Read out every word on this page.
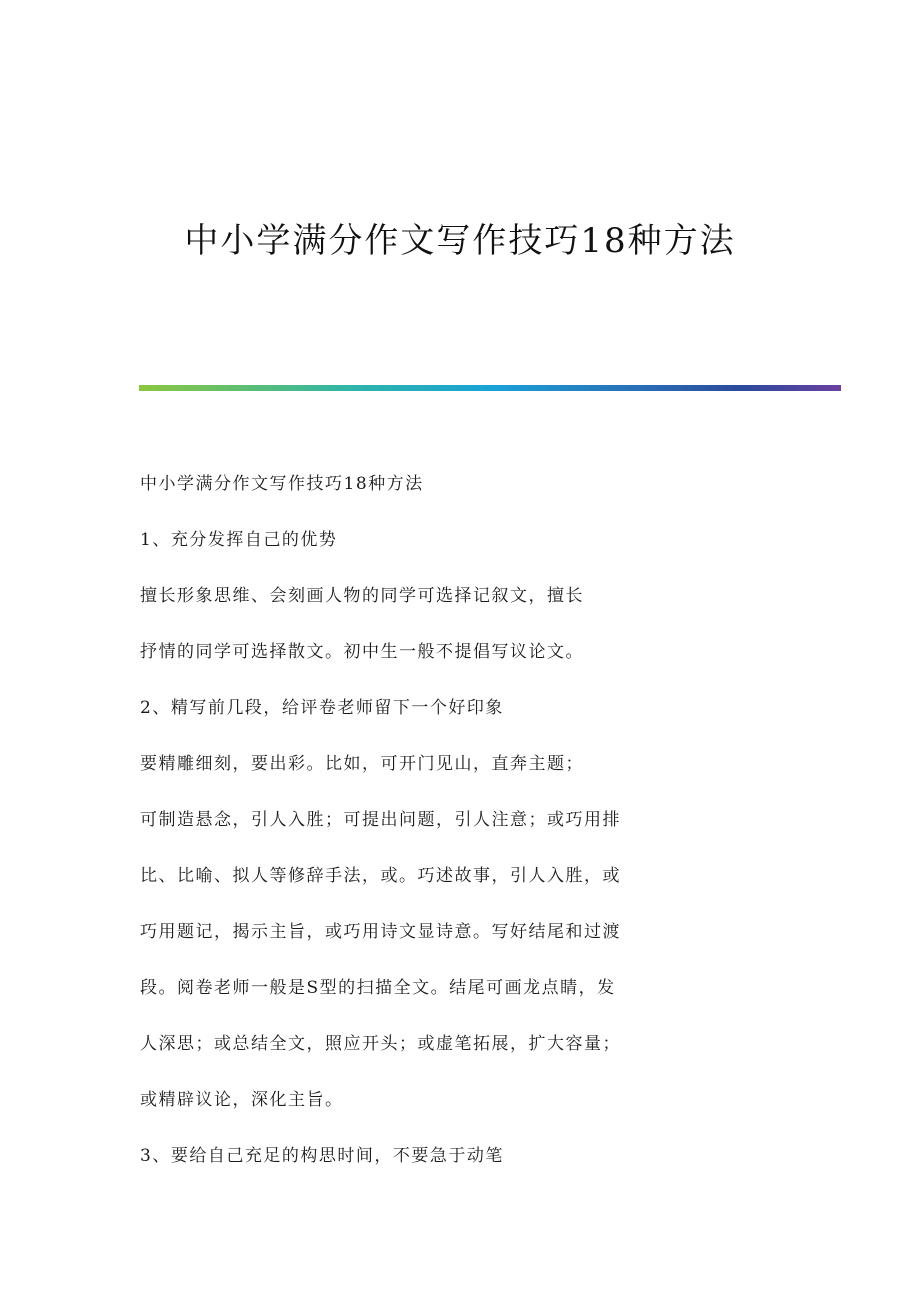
中小学满分作文写作技巧18种方法
中小学满分作文写作技巧18种方法
1、充分发挥自己的优势
擅长形象思维、会刻画人物的同学可选择记叙文，擅长
抒情的同学可选择散文。初中生一般不提倡写议论文。
2、精写前几段，给评卷老师留下一个好印象
要精雕细刻，要出彩。比如，可开门见山，直奔主题；
可制造悬念，引人入胜；可提出问题，引人注意；或巧用排
比、比喻、拟人等修辞手法，或。巧述故事，引人入胜，或
巧用题记，揭示主旨，或巧用诗文显诗意。写好结尾和过渡
段。阅卷老师一般是S型的扫描全文。结尾可画龙点睛，发
人深思；或总结全文，照应开头；或虚笔拓展，扩大容量；
或精辟议论，深化主旨。
3、要给自己充足的构思时间，不要急于动笔
